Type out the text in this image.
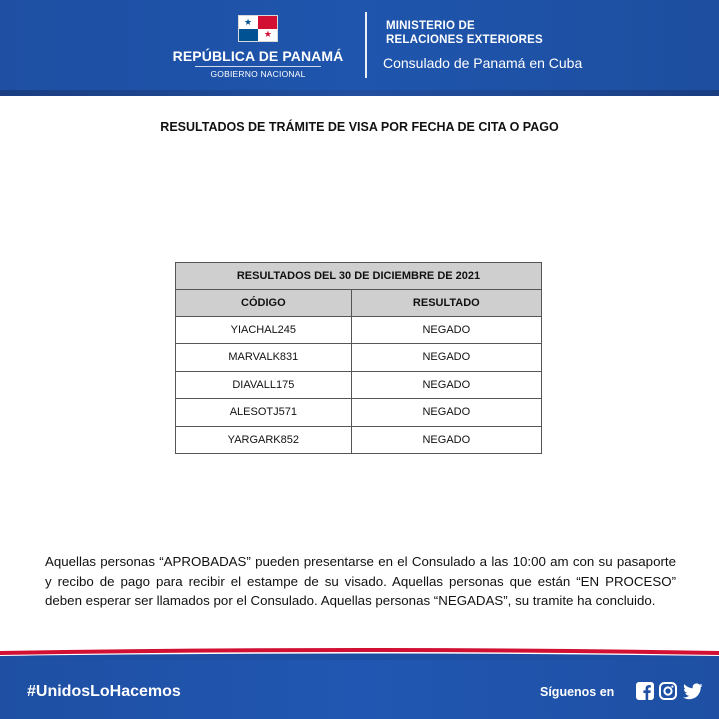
★
★
REPÚBLICA DE PANAMÁ
GOBIERNO NACIONAL
MINISTERIO DE
RELACIONES EXTERIORES
Consulado de Panamá en Cuba
RESULTADOS DE TRÁMITE DE VISA POR FECHA DE CITA O PAGO
RESULTADOS DEL 30 DE DICIEMBRE DE 2021	
CÓDIGO	RESULTADO
YIACHAL245	NEGADO
MARVALK831	NEGADO
DIAVALL175	NEGADO
ALESOTJ571	NEGADO
YARGARK852	NEGADO

Aquellas personas “APROBADAS” pueden presentarse en el Consulado a las 10:00 am con su pasaporte y recibo de pago para recibir el estampe de su visado. Aquellas personas que están “EN PROCESO” deben esperar ser llamados por el Consulado. Aquellas personas “NEGADAS”, su tramite ha concluido.

#UnidosLoHacemos	Síguenos en
